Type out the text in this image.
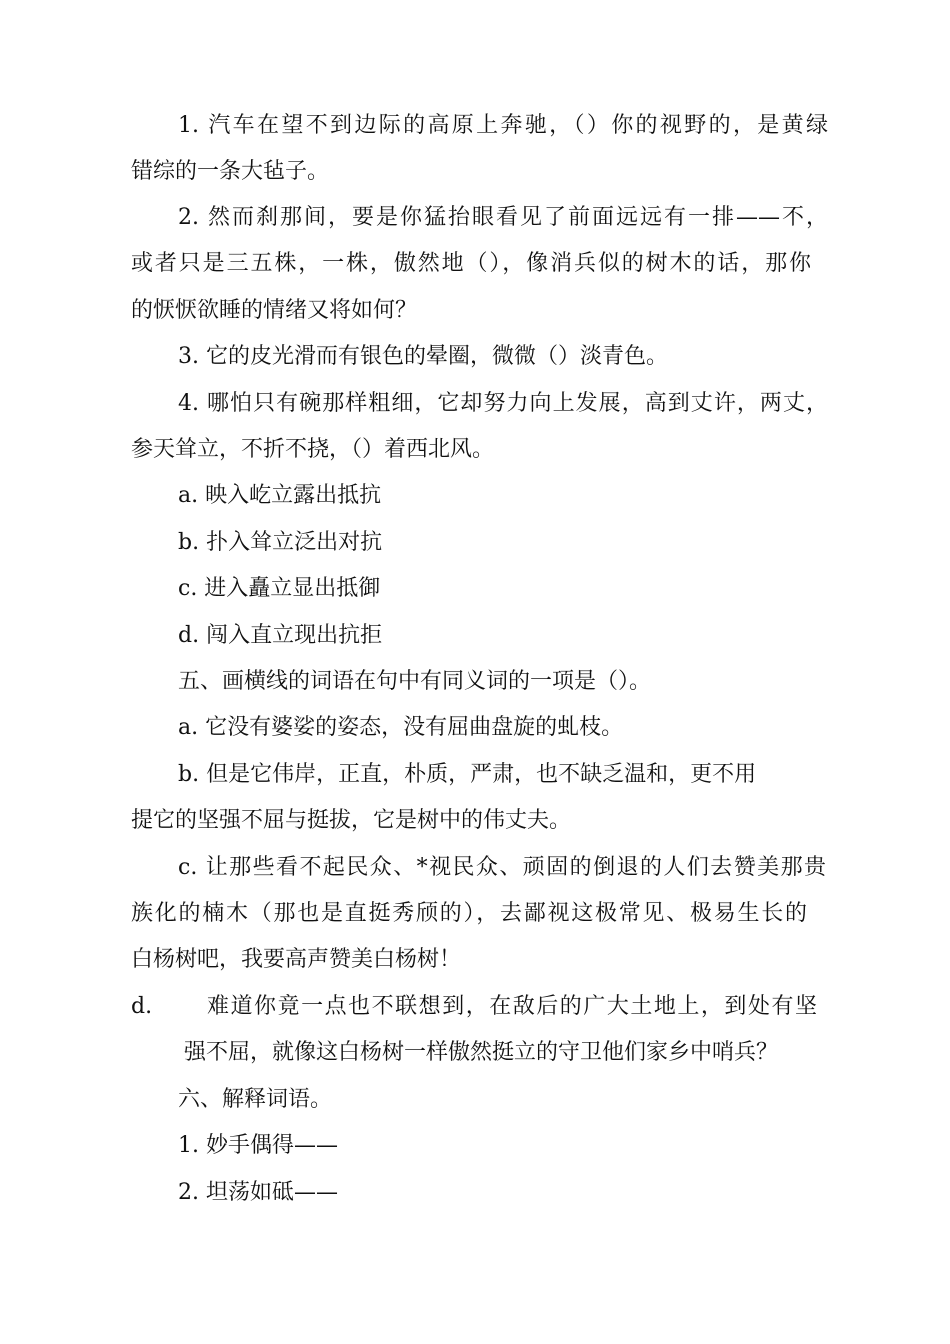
1. 汽车在望不到边际的高原上奔驰，（）你的视野的，是黄绿
错综的一条大毡子。
2. 然而刹那间，要是你猛抬眼看见了前面远远有一排——不，
或者只是三五株，一株，傲然地（），像消兵似的树木的话，那你
的恹恹欲睡的情绪又将如何？
3. 它的皮光滑而有银色的晕圈，微微（）淡青色。
4. 哪怕只有碗那样粗细，它却努力向上发展，高到丈许，两丈，
参天耸立，不折不挠，（）着西北风。
a. 映入屹立露出抵抗
b. 扑入耸立泛出对抗
c. 进入矗立显出抵御
d. 闯入直立现出抗拒
五、画横线的词语在句中有同义词的一项是（）。
a. 它没有婆娑的姿态，没有屈曲盘旋的虬枝。
b. 但是它伟岸，正直，朴质，严肃，也不缺乏温和，更不用
提它的坚强不屈与挺拔，它是树中的伟丈夫。
c. 让那些看不起民众、*视民众、顽固的倒退的人们去赞美那贵
族化的楠木（那也是直挺秀颀的），去鄙视这极常见、极易生长的
白杨树吧，我要高声赞美白杨树！
d. 难道你竟一点也不联想到，在敌后的广大土地上，到处有坚
强不屈，就像这白杨树一样傲然挺立的守卫他们家乡中哨兵？
六、解释词语。
1. 妙手偶得——
2. 坦荡如砥——
